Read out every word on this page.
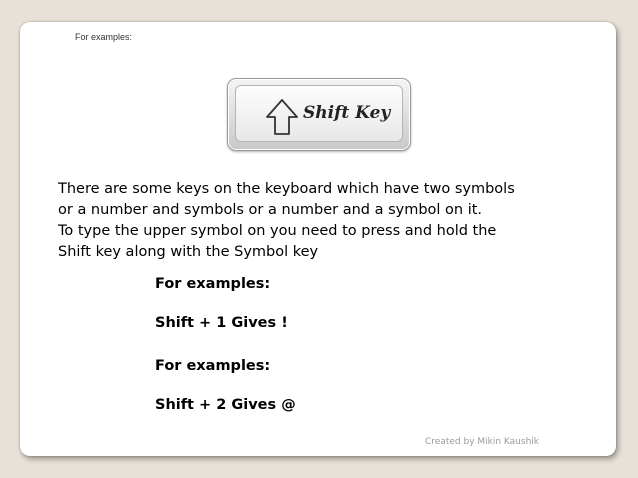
For examples:
Shift Key
There are some keys on the keyboard which have two symbols
or a number and symbols or a number and a symbol on it.
To type the upper symbol on you need to press and hold the
Shift key along with the Symbol key
For examples:
Shift + 1 Gives !
For examples:
Shift + 2 Gives @
Created by Mikin Kaushik
